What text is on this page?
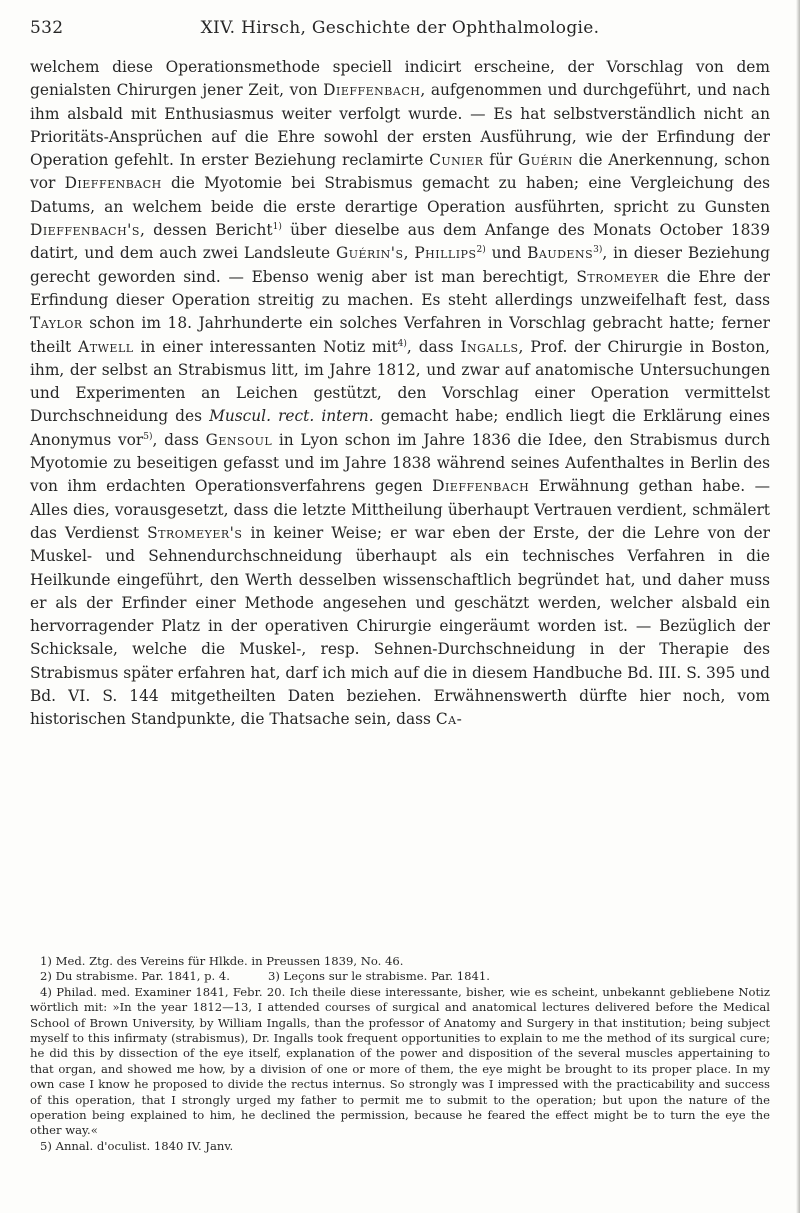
532	XIV. Hirsch, Geschichte der Ophthalmologie.

welchem diese Operationsmethode speciell indicirt erscheine, der Vorschlag von dem genialsten Chirurgen jener Zeit, von Dieffenbach, aufgenommen und durchgeführt, und nach ihm alsbald mit Enthusiasmus weiter verfolgt wurde. — Es hat selbstverständlich nicht an Prioritäts-Ansprüchen auf die Ehre sowohl der ersten Ausführung, wie der Erfindung der Operation gefehlt. In erster Beziehung reclamirte Cunier für Guérin die Anerkennung, schon vor Dieffenbach die Myotomie bei Strabismus gemacht zu haben; eine Vergleichung des Datums, an welchem beide die erste derartige Operation ausführten, spricht zu Gunsten Dieffenbach's, dessen Bericht$^{1)}$ über dieselbe aus dem Anfange des Monats October 1839 datirt, und dem auch zwei Landsleute Guérin's, Phillips$^{2)}$ und Baudens$^{3)}$, in dieser Beziehung gerecht geworden sind. — Ebenso wenig aber ist man berechtigt, Stromeyer die Ehre der Erfindung dieser Operation streitig zu machen. Es steht allerdings unzweifelhaft fest, dass Taylor schon im 18. Jahrhunderte ein solches Verfahren in Vorschlag gebracht hatte; ferner theilt Atwell in einer interessanten Notiz mit$^{4)}$, dass Ingalls, Prof. der Chirurgie in Boston, ihm, der selbst an Strabismus litt, im Jahre 1812, und zwar auf anatomische Untersuchungen und Experimenten an Leichen gestützt, den Vorschlag einer Operation vermittelst Durchschneidung des Muscul. rect. intern. gemacht habe; endlich liegt die Erklärung eines Anonymus vor$^{5)}$, dass Gensoul in Lyon schon im Jahre 1836 die Idee, den Strabismus durch Myotomie zu beseitigen gefasst und im Jahre 1838 während seines Aufenthaltes in Berlin des von ihm erdachten Operationsverfahrens gegen Dieffenbach Erwähnung gethan habe. — Alles dies, vorausgesetzt, dass die letzte Mittheilung überhaupt Vertrauen verdient, schmälert das Verdienst Stromeyer's in keiner Weise; er war eben der Erste, der die Lehre von der Muskel- und Sehnendurchschneidung überhaupt als ein technisches Verfahren in die Heilkunde eingeführt, den Werth desselben wissenschaftlich begründet hat, und daher muss er als der Erfinder einer Methode angesehen und geschätzt werden, welcher alsbald ein hervorragender Platz in der operativen Chirurgie eingeräumt worden ist. — Bezüglich der Schicksale, welche die Muskel-, resp. Sehnen-Durchschneidung in der Therapie des Strabismus später erfahren hat, darf ich mich auf die in diesem Handbuche Bd. III. S. 395 und Bd. VI. S. 144 mitgetheilten Daten beziehen. Erwähnenswerth dürfte hier noch, vom historischen Standpunkte, die Thatsache sein, dass Ca-

1) Med. Ztg. des Vereins für Hlkde. in Preussen 1839, No. 46.

2) Du strabisme. Par. 1841, p. 4.	3) Leçons sur le strabisme. Par. 1841.

4) Philad. med. Examiner 1841, Febr. 20. Ich theile diese interessante, bisher, wie es scheint, unbekannt gebliebene Notiz wörtlich mit: »In the year 1812—13, I attended courses of surgical and anatomical lectures delivered before the Medical School of Brown University, by William Ingalls, than the professor of Anatomy and Surgery in that institution; being subject myself to this infirmaty (strabismus), Dr. Ingalls took frequent opportunities to explain to me the method of its surgical cure; he did this by dissection of the eye itself, explanation of the power and disposition of the several muscles appertaining to that organ, and showed me how, by a division of one or more of them, the eye might be brought to its proper place. In my own case I know he proposed to divide the rectus internus. So strongly was I impressed with the practicability and success of this operation, that I strongly urged my father to permit me to submit to the operation; but upon the nature of the operation being explained to him, he declined the permission, because he feared the effect might be to turn the eye the other way.«

5) Annal. d'oculist. 1840 IV. Janv.
